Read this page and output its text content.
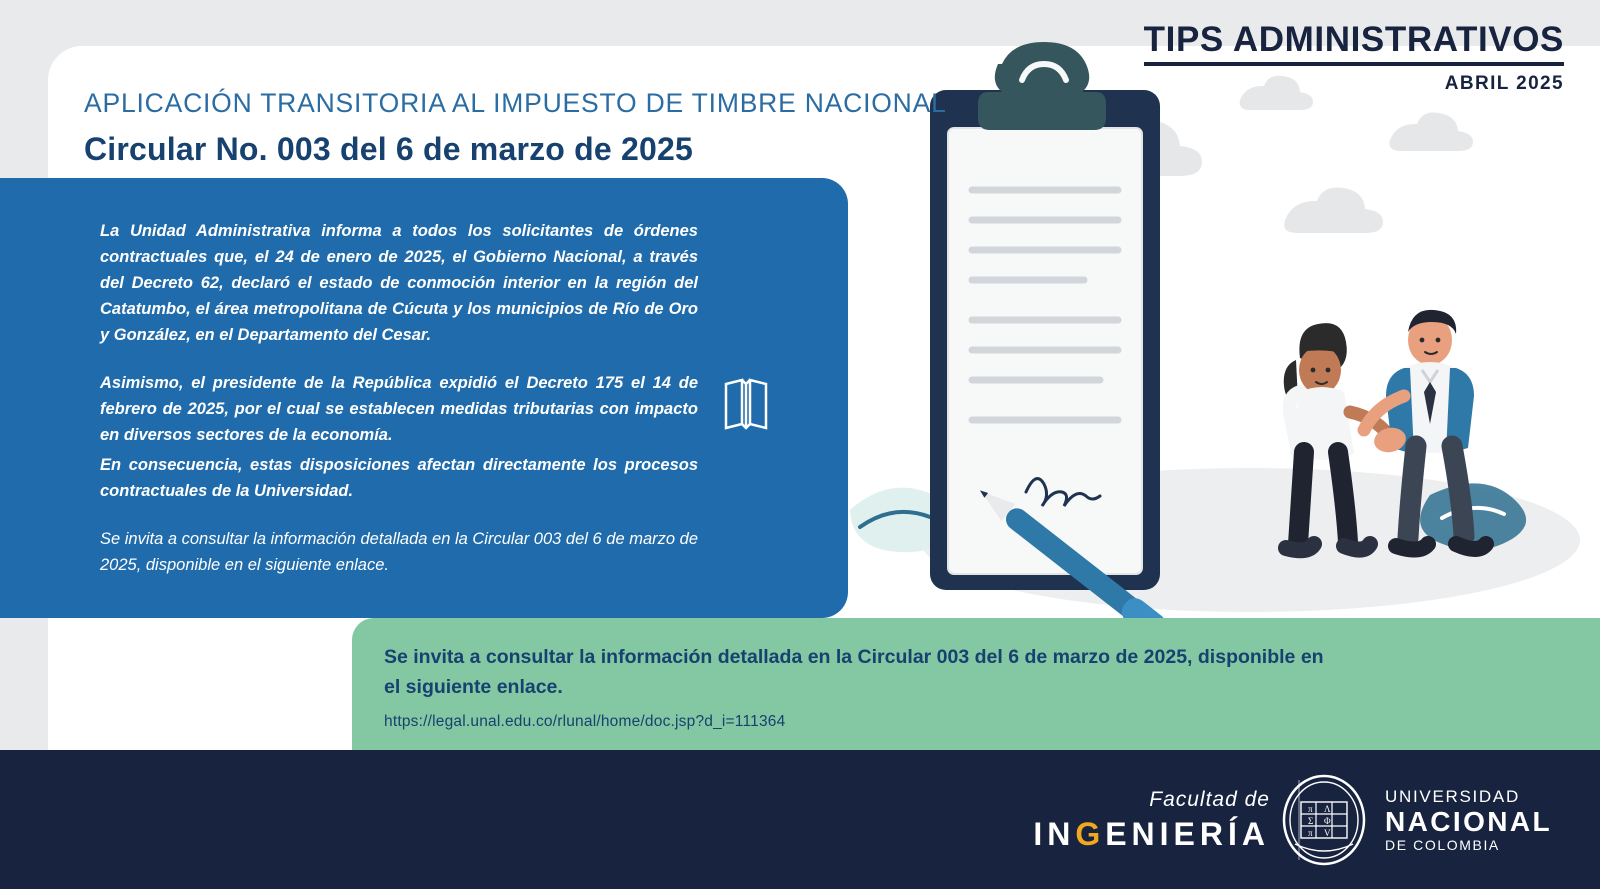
APLICACIÓN TRANSITORIA AL IMPUESTO DE TIMBRE NACIONAL
Circular No. 003 del 6 de marzo de 2025
TIPS ADMINISTRATIVOS
ABRIL 2025

La Unidad Administrativa informa a todos los solicitantes de órdenes contractuales que, el 24 de enero de 2025, el Gobierno Nacional, a través del Decreto 62, declaró el estado de conmoción interior en la región del Catatumbo, el área metropolitana de Cúcuta y los municipios de Río de Oro y González, en el Departamento del Cesar.

Asimismo, el presidente de la República expidió el Decreto 175 el 14 de febrero de 2025, por el cual se establecen medidas tributarias con impacto en diversos sectores de la economía.

En consecuencia, estas disposiciones afectan directamente los procesos contractuales de la Universidad.

Se invita a consultar la información detallada en la Circular 003 del 6 de marzo de 2025, disponible en el siguiente enlace.

Se invita a consultar la información detallada en la Circular 003 del 6 de marzo de 2025, disponible en el siguiente enlace.
https://legal.unal.edu.co/rlunal/home/doc.jsp?d_i=111364
Facultad de
INGENIERÍA
π Λ
Σ Φ
π V
UNIVERSIDAD
NACIONAL
DE COLOMBIA
